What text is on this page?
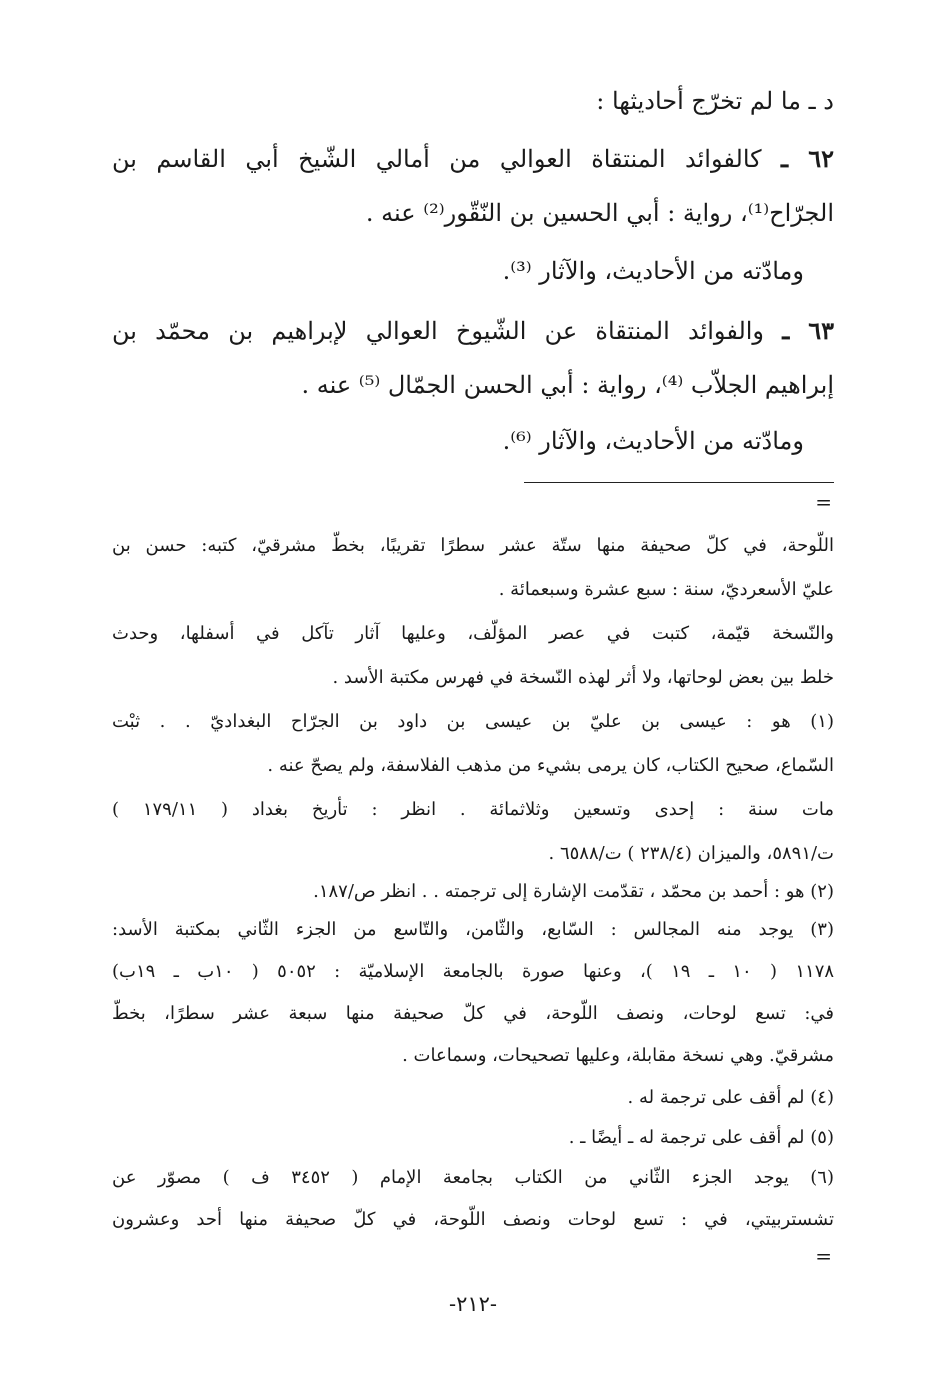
د ـ ما لم تخرّج أحاديثها :
٦٢ ـ كالفوائد المنتقاة العوالي من أمالي الشّيخ أبي القاسم بن
الجرّاح⁽¹⁾، رواية : أبي الحسين بن النّقّور⁽²⁾ عنه .
ومادّته من الأحاديث، والآثار ⁽³⁾.
٦٣ ـ والفوائد المنتقاة عن الشّيوخ العوالي لإبراهيم بن محمّد بن
إبراهيم الجلاّب ⁽⁴⁾، رواية : أبي الحسن الجمّال ⁽⁵⁾ عنه .
ومادّته من الأحاديث، والآثار ⁽⁶⁾.
=
اللّوحة، في كلّ صحيفة منها ستّة عشر سطرًا تقريبًا، بخطّ مشرقيّ، كتبه: حسن بن
عليّ الأسعرديّ، سنة : سبع عشرة وسبعمائة .
والنّسخة قيّمة، كتبت في عصر المؤلّف، وعليها آثار تآكل في أسفلها، وحدث
خلط بين بعض لوحاتها، ولا أثر لهذه النّسخة في فهرس مكتبة الأسد .
(١) هو : عيسى بن عليّ بن عيسى بن داود بن الجرّاح البغداديّ . . ثبْت
السّماع، صحيح الكتاب، كان يرمى بشيء من مذهب الفلاسفة، ولم يصحّ عنه .
مات سنة : إحدى وتسعين وثلاثمائة . انظر : تأريخ بغداد ( ١٧٩/١١ )
ت/٥٨٩١، والميزان (٢٣٨/٤ ) ت/٦٥٨٨ .
(٢) هو : أحمد بن محمّد ، تقدّمت الإشارة إلى ترجمته . . انظر ص/١٨٧.
(٣) يوجد منه المجالس : السّابع، والثّامن، والتّاسع من الجزء الثّاني بمكتبة الأسد:
١١٧٨ ( ١٠ ـ ١٩ )، وعنها صورة بالجامعة الإسلاميّة : ٥٠٥٢ ( ١٠ب ـ ١٩ب)
في: تسع لوحات، ونصف اللّوحة، في كلّ صحيفة منها سبعة عشر سطرًا، بخطّ
مشرقيّ. وهي نسخة مقابلة، وعليها تصحيحات، وسماعات .
(٤) لم أقف على ترجمة له .
(٥) لم أقف على ترجمة له ـ أيضًا ـ .
(٦) يوجد الجزء الثّاني من الكتاب بجامعة الإمام ( ٣٤٥٢ ف ) مصوّر عن
تشستربيتي، في : تسع لوحات ونصف اللّوحة، في كلّ صحيفة منها أحد وعشرون
=
-٢١٢-
